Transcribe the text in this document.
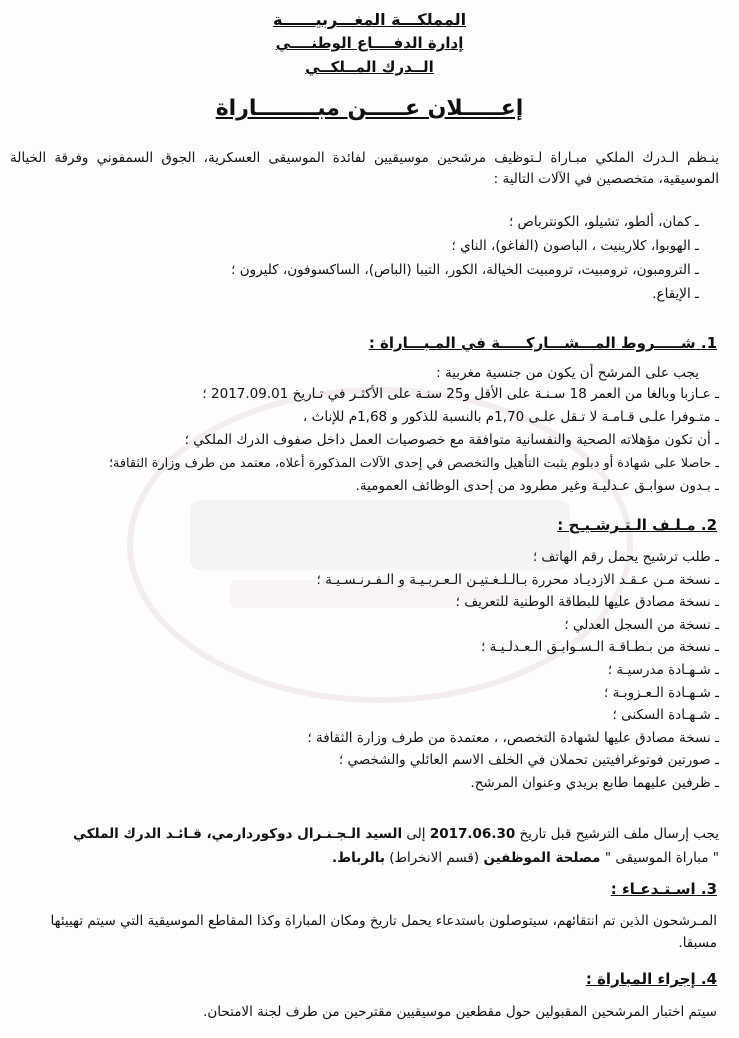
المملكـــة المغـــربيــــــة
إدارة الدفــــاع الوطنــــي
الــدرك المــلكــي
إعـــــلان عـــــن مبــــــــاراة
ينـظم الـدرك الملكي مبـاراة لـتوظيف مرشحين موسيقيين لفائدة الموسيقى العسكرية، الجوق السمفوني وفرقة الخيالة الموسيقية، متخصصين في الآلات التالية :
ـ كمان، ألطو، تشيلو، الكونترباص ؛
ـ الهوبوا، كلارينيت ، الباصون (الفاغو)، الناي ؛
ـ الترومبون، ترومبيت، ترومبيت الخيالة، الكور، التيبا (الباص)، الساكسوفون، كليرون ؛
ـ الإيقاع.
1. شـــــروط المـــشـــاركـــــة في المـبـــاراة :
يجب على المرشح أن يكون من جنسية مغربية :
ـ عـازبا وبالغا من العمر 18 سـنـة على الأقل و25 سنـة على الأكثـر في تـاريخ 2017.09.01 ؛
ـ متـوفرا علـى قـامـة لا تـقل علـى 1,70م بالنسبة للذكور و 1,68م للإناث ،
ـ أن تكون مؤهلاته الصحية والنفسانية متوافقة مع خصوصيات العمل داخل صفوف الدرك الملكي ؛
ـ حاصلا على شهادة أو دبلوم يثبت التأهيل والتخصص في إحدى الآلات المذكورة أعلاه، معتمد من طرف وزارة الثقافة؛
ـ بـدون سوابـق عـدليـة وغير مطرود من إحدى الوظائف العمومية.
2. مـلـف الـتـرشـيـح :
ـ طلب ترشيح يحمل رقم الهاتف ؛
ـ نسخة مـن عـقـد الازديـاد محررة بـالـلـغـتيـن الـعـربـيـة و الـفـرنـسـيـة ؛
ـ نسخة مصادق عليها للبطاقة الوطنية للتعريف ؛
ـ نسخة من السجل العدلي ؛
ـ نسخة من بـطـاقـة الـسـوابـق الـعـدلـيـة ؛
ـ شـهـادة مدرسيـة ؛
ـ شـهـادة الـعـزوبـة ؛
ـ شـهـادة السكنى ؛
ـ نسخة مصادق عليها لشهادة التخصص، ، معتمدة من طرف وزارة الثقافة ؛
ـ صورتين فوتوغرافيتين تحملان في الخلف الاسم العائلي والشخصي ؛
ـ ظرفين عليهما طابع بريدي وعنوان المرشح.
يجب إرسال ملف الترشيح قبل تاريخ 2017.06.30 إلى السيد الـجـنـرال دوكوردارمي، قـائـد الدرك الملكي
" مباراة الموسيقى " مصلحة الموظفين (قسم الانخراط) بالرباط.
3. اسـتـدعـاء :
المـرشحون الذين تم انتقائهم، سيتوصلون باستدعاء يحمل تاريخ ومكان المباراة وكذا المقاطع الموسيقية التي سيتم تهييئها مسبقا.
4. إجراء المباراة :
سيتم اختبار المرشحين المقبولين حول مقطعين موسيقيين مقترحين من طرف لجنة الامتحان.
